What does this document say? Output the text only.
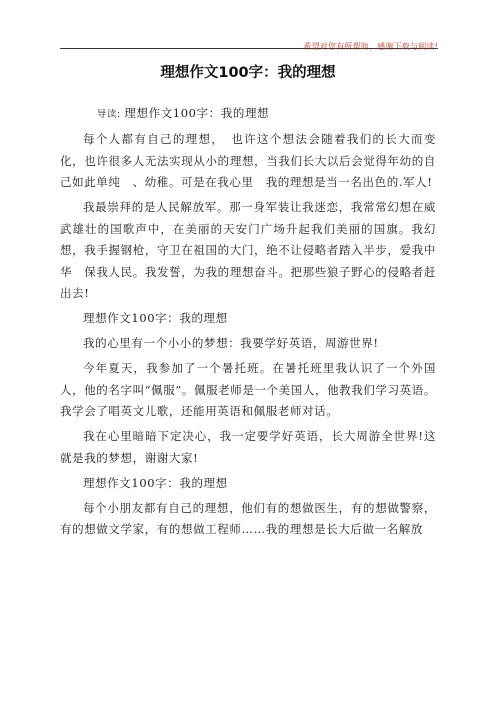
希望对您有所帮助，感谢下载与阅读!
理想作文100字：我的理想

导读: 理想作文100字：我的理想

每个人都有自己的理想，　也许这个想法会随着我们的长大而变化，也许很多人无法实现从小的理想，当我们长大以后会觉得年幼的自己如此单纯　、幼稚。可是在我心里　我的理想是当一名出色的.军人!

我最崇拜的是人民解放军。那一身军装让我迷恋，我常常幻想在威武雄壮的国歌声中，在美丽的天安门广场升起我们美丽的国旗。我幻想，我手握钢枪，守卫在祖国的大门，绝不让侵略者踏入半步，爱我中华　保我人民。我发誓，为我的理想奋斗。把那些狼子野心的侵略者赶出去!

理想作文100字：我的理想

我的心里有一个小小的梦想：我要学好英语，周游世界!

今年夏天，我参加了一个暑托班。在暑托班里我认识了一个外国人，他的名字叫“佩服”。佩服老师是一个美国人，他教我们学习英语。我学会了唱英文儿歌，还能用英语和佩服老师对话。

我在心里暗暗下定决心，我一定要学好英语，长大周游全世界!这就是我的梦想，谢谢大家!

理想作文100字：我的理想

每个小朋友都有自己的理想，他们有的想做医生，有的想做警察，有的想做文学家，有的想做工程师……我的理想是长大后做一名解放
